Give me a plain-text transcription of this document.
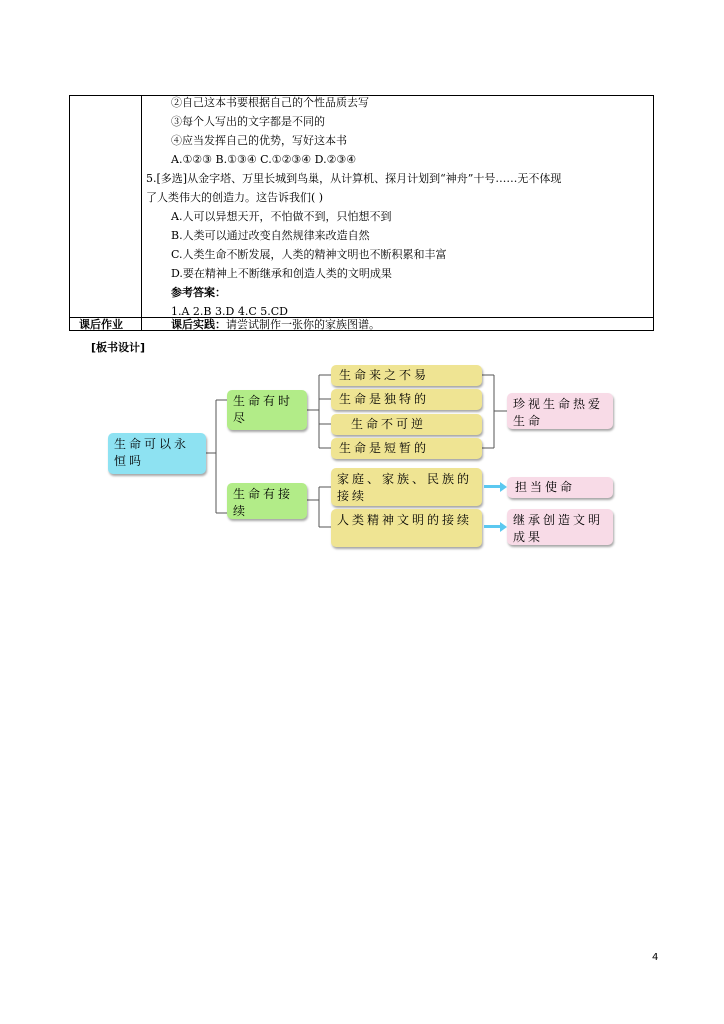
②自己这本书要根据自己的个性品质去写
③每个人写出的文字都是不同的
④应当发挥自己的优势，写好这本书
A.①②③ B.①③④ C.①②③④ D.②③④
5.[多选]从金字塔、万里长城到鸟巢，从计算机、探月计划到“神舟”十号……无不体现
了人类伟大的创造力。这告诉我们( )
A.人可以异想天开，不怕做不到，只怕想不到
B.人类可以通过改变自然规律来改造自然
C.人类生命不断发展，人类的精神文明也不断积累和丰富
D.要在精神上不断继承和创造人类的文明成果
参考答案：
1.A 2.B 3.D 4.C 5.CD
课后作业	课后实践：请尝试制作一张你的家族图谱。
[板书设计]
生命可以永恒吗
生命有时尽
生命有接续
生命来之不易
生命是独特的
生命不可逆
生命是短暂的
家庭、家族、民族的接续
人类精神文明的接续
珍视生命热爱生命
担当使命
继承创造文明成果
4
